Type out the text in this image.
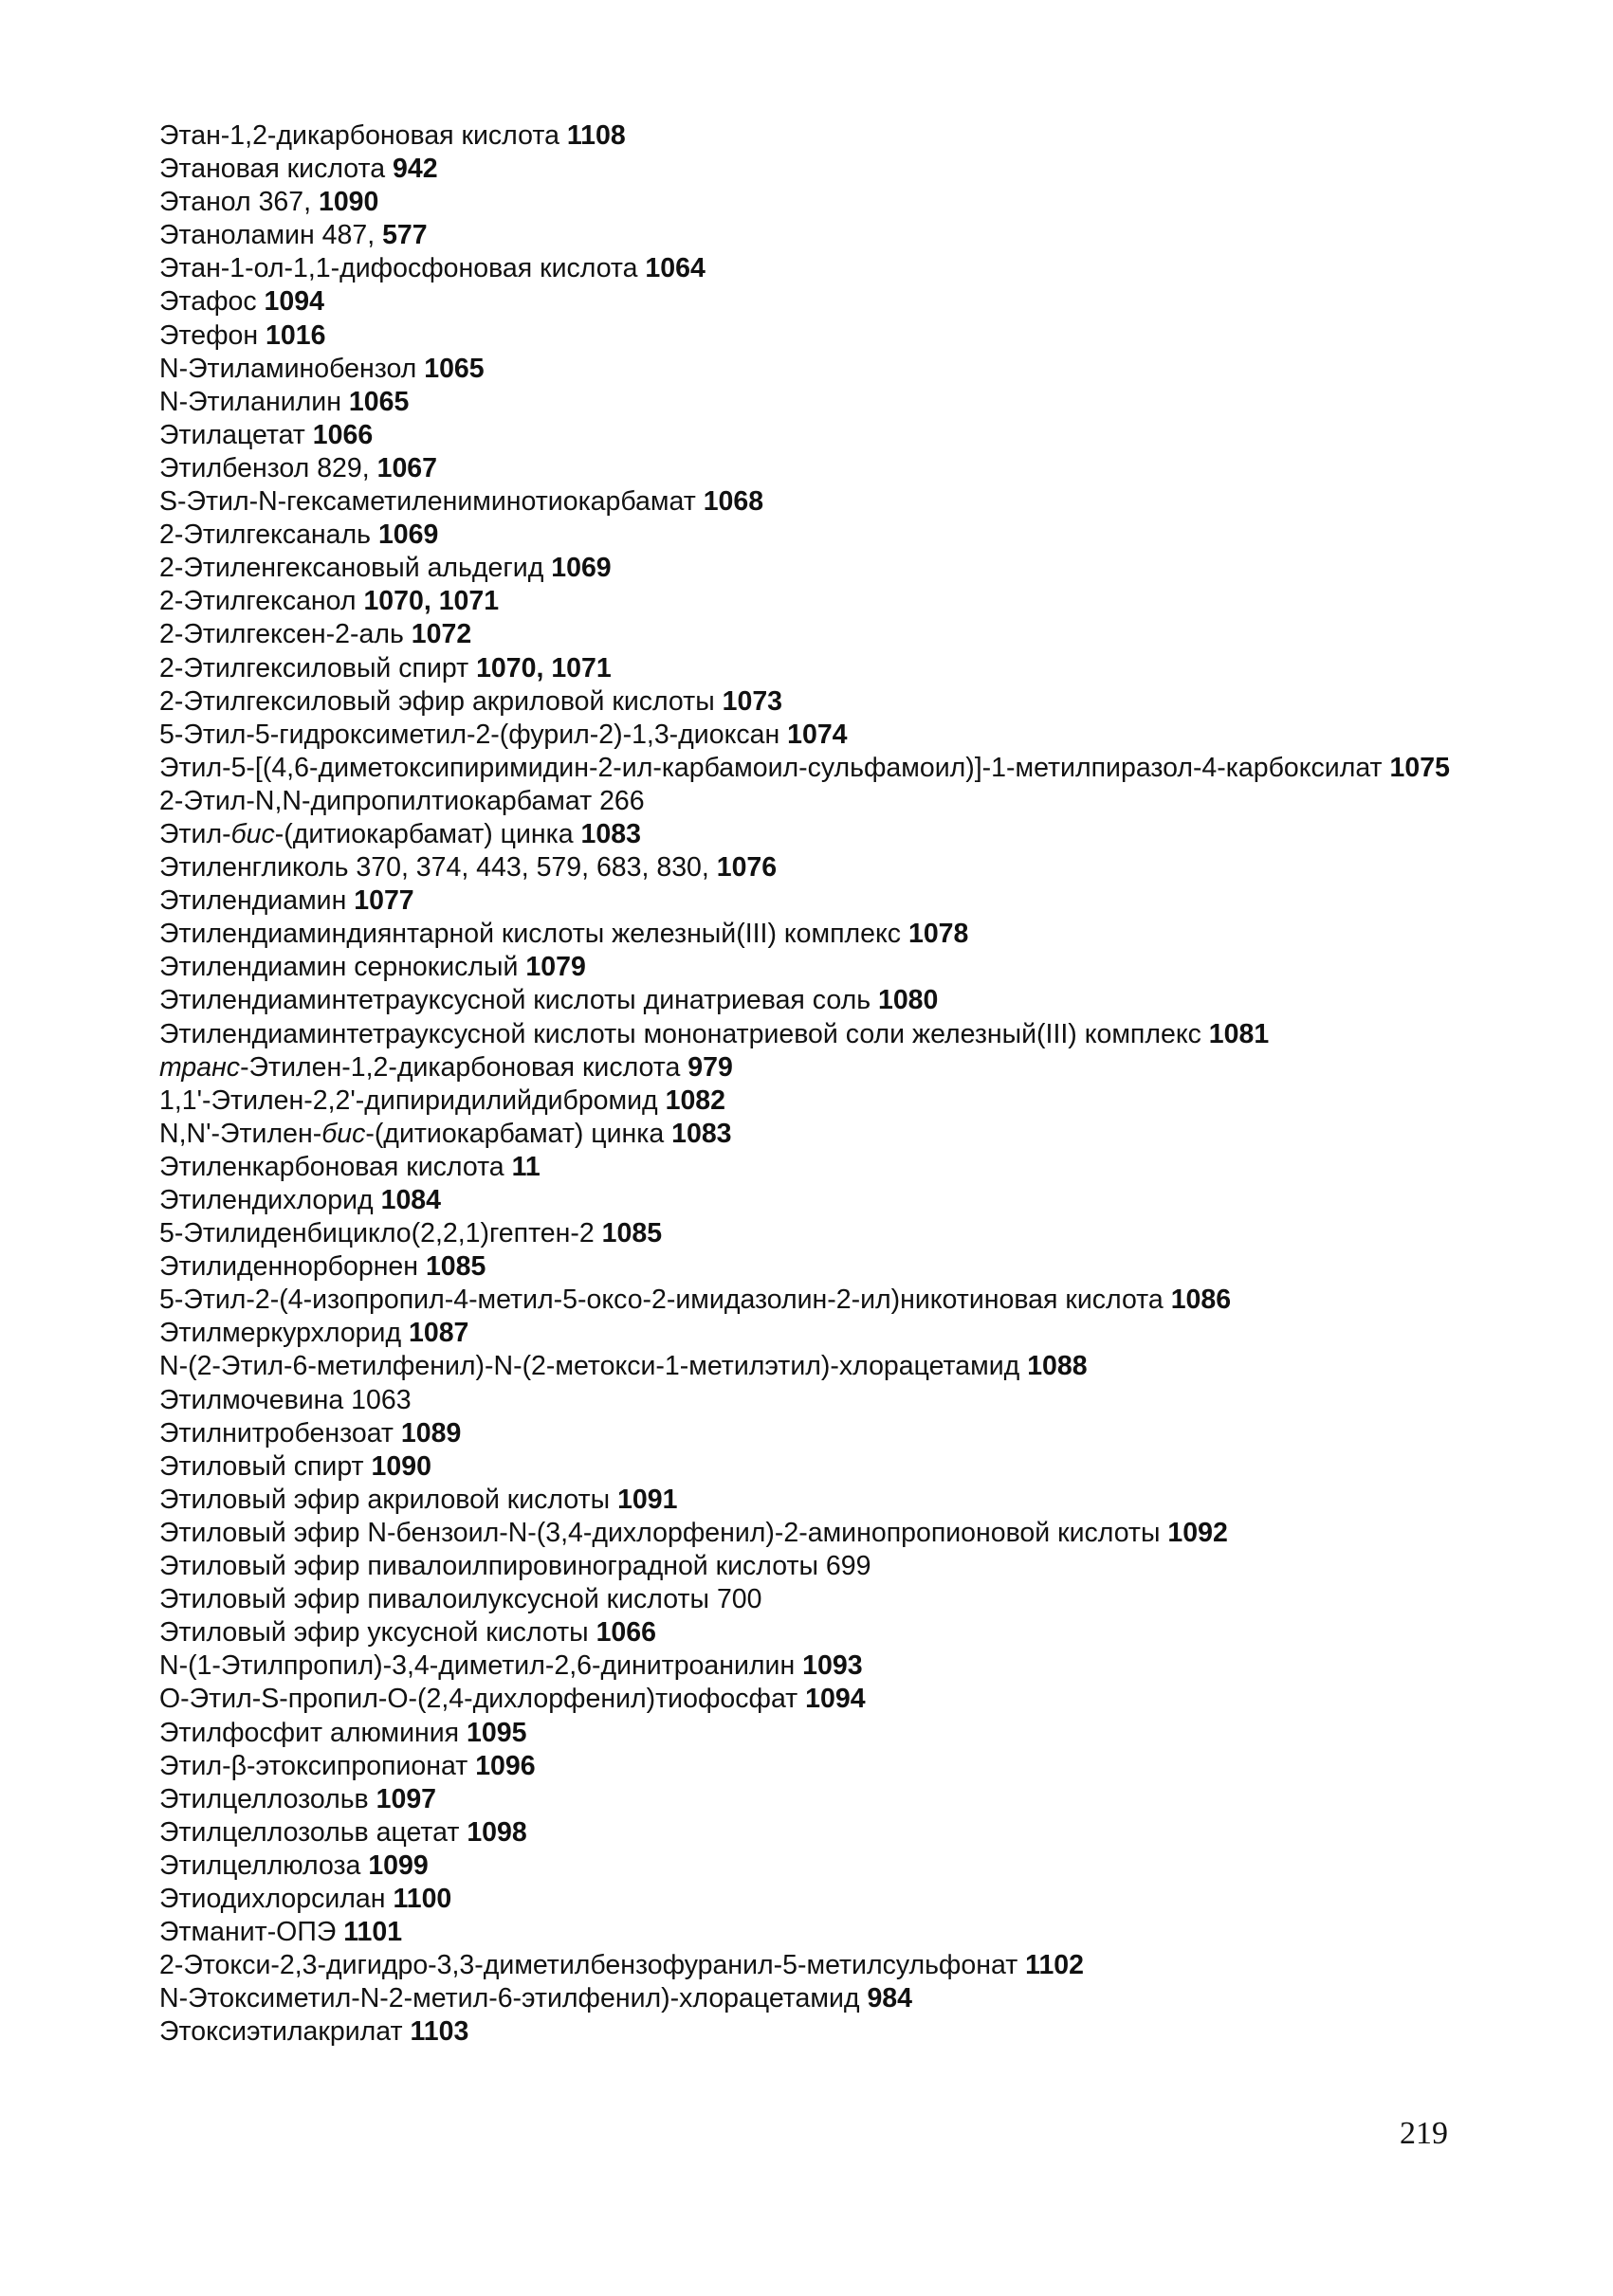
Этан-1,2-дикарбоновая кислота 1108
Этановая кислота 942
Этанол 367, 1090
Этаноламин 487, 577
Этан-1-ол-1,1-дифосфоновая кислота 1064
Этафос 1094
Этефон 1016
N-Этиламинобензол 1065
N-Этиланилин 1065
Этилацетат 1066
Этилбензол 829, 1067
S-Этил-N-гексаметилениминотиокарбамат 1068
2-Этилгексаналь 1069
2-Этиленгексановый альдегид 1069
2-Этилгексанол 1070, 1071
2-Этилгексен-2-аль 1072
2-Этилгексиловый спирт 1070, 1071
2-Этилгексиловый эфир акриловой кислоты 1073
5-Этил-5-гидроксиметил-2-(фурил-2)-1,3-диоксан 1074
Этил-5-[(4,6-диметоксипиримидин-2-ил-карбамоил-сульфамоил)]-1-метилпиразол-4-карбоксилат 1075
2-Этил-N,N-дипропилтиокарбамат 266
Этил-бис-(дитиокарбамат) цинка 1083
Этиленгликоль 370, 374, 443, 579, 683, 830, 1076
Этилендиамин 1077
Этилендиаминдиянтарной кислоты железный(III) комплекс 1078
Этилендиамин сернокислый 1079
Этилендиаминтетрауксусной кислоты динатриевая соль 1080
Этилендиаминтетрауксусной кислоты мононатриевой соли железный(III) комплекс 1081
транс-Этилен-1,2-дикарбоновая кислота 979
1,1'-Этилен-2,2'-дипиридилийдибромид 1082
N,N'-Этилен-бис-(дитиокарбамат) цинка 1083
Этиленкарбоновая кислота 11
Этилендихлорид 1084
5-Этилиденбицикло(2,2,1)гептен-2 1085
Этилиденнорборнен 1085
5-Этил-2-(4-изопропил-4-метил-5-оксо-2-имидазолин-2-ил)никотиновая кислота 1086
Этилмеркурхлорид 1087
N-(2-Этил-6-метилфенил)-N-(2-метокси-1-метилэтил)-хлорацетамид 1088
Этилмочевина 1063
Этилнитробензоат 1089
Этиловый спирт 1090
Этиловый эфир акриловой кислоты 1091
Этиловый эфир N-бензоил-N-(3,4-дихлорфенил)-2-аминопропионовой кислоты 1092
Этиловый эфир пивалоилпировиноградной кислоты 699
Этиловый эфир пивалоилуксусной кислоты 700
Этиловый эфир уксусной кислоты 1066
N-(1-Этилпропил)-3,4-диметил-2,6-динитроанилин 1093
О-Этил-S-пропил-О-(2,4-дихлорфенил)тиофосфат 1094
Этилфосфит алюминия 1095
Этил-β-этоксипропионат 1096
Этилцеллозольв 1097
Этилцеллозольв ацетат 1098
Этилцеллюлоза 1099
Этиодихлорсилан 1100
Этманит-ОПЭ 1101
2-Этокси-2,3-дигидро-3,3-диметилбензофуранил-5-метилсульфонат 1102
N-Этоксиметил-N-2-метил-6-этилфенил)-хлорацетамид 984
Этоксиэтилакрилат 1103
219
